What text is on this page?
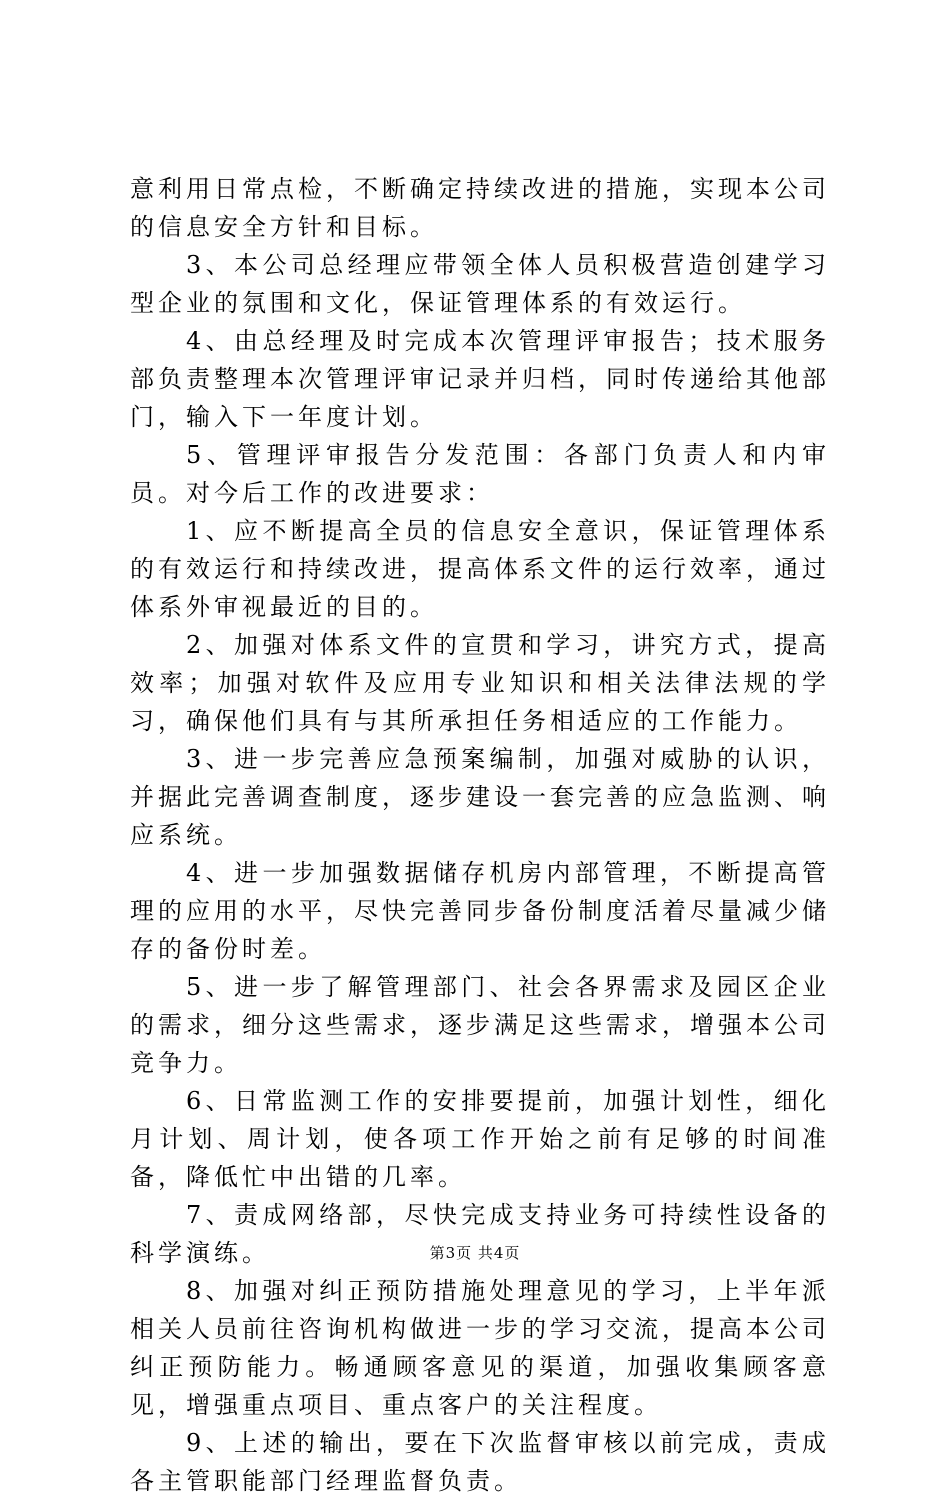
意利用日常点检，不断确定持续改进的措施，实现本公司的信息安全方针和目标。

3、本公司总经理应带领全体人员积极营造创建学习型企业的氛围和文化，保证管理体系的有效运行。

4、由总经理及时完成本次管理评审报告；技术服务部负责整理本次管理评审记录并归档，同时传递给其他部门，输入下一年度计划。

5、管理评审报告分发范围：各部门负责人和内审员。对今后工作的改进要求：

1、应不断提高全员的信息安全意识，保证管理体系的有效运行和持续改进，提高体系文件的运行效率，通过体系外审视最近的目的。

2、加强对体系文件的宣贯和学习，讲究方式，提高效率；加强对软件及应用专业知识和相关法律法规的学习，确保他们具有与其所承担任务相适应的工作能力。

3、进一步完善应急预案编制，加强对威胁的认识，并据此完善调查制度，逐步建设一套完善的应急监测、响应系统。

4、进一步加强数据储存机房内部管理，不断提高管理的应用的水平，尽快完善同步备份制度活着尽量减少储存的备份时差。

5、进一步了解管理部门、社会各界需求及园区企业的需求，细分这些需求，逐步满足这些需求，增强本公司竞争力。

6、日常监测工作的安排要提前，加强计划性，细化月计划、周计划，使各项工作开始之前有足够的时间准备，降低忙中出错的几率。

7、责成网络部，尽快完成支持业务可持续性设备的科学演练。

8、加强对纠正预防措施处理意见的学习，上半年派相关人员前往咨询机构做进一步的学习交流，提高本公司纠正预防能力。畅通顾客意见的渠道，加强收集顾客意见，增强重点项目、重点客户的关注程度。

9、上述的输出，要在下次监督审核以前完成，责成各主管职能部门经理监督负责。

第3页 共4页
